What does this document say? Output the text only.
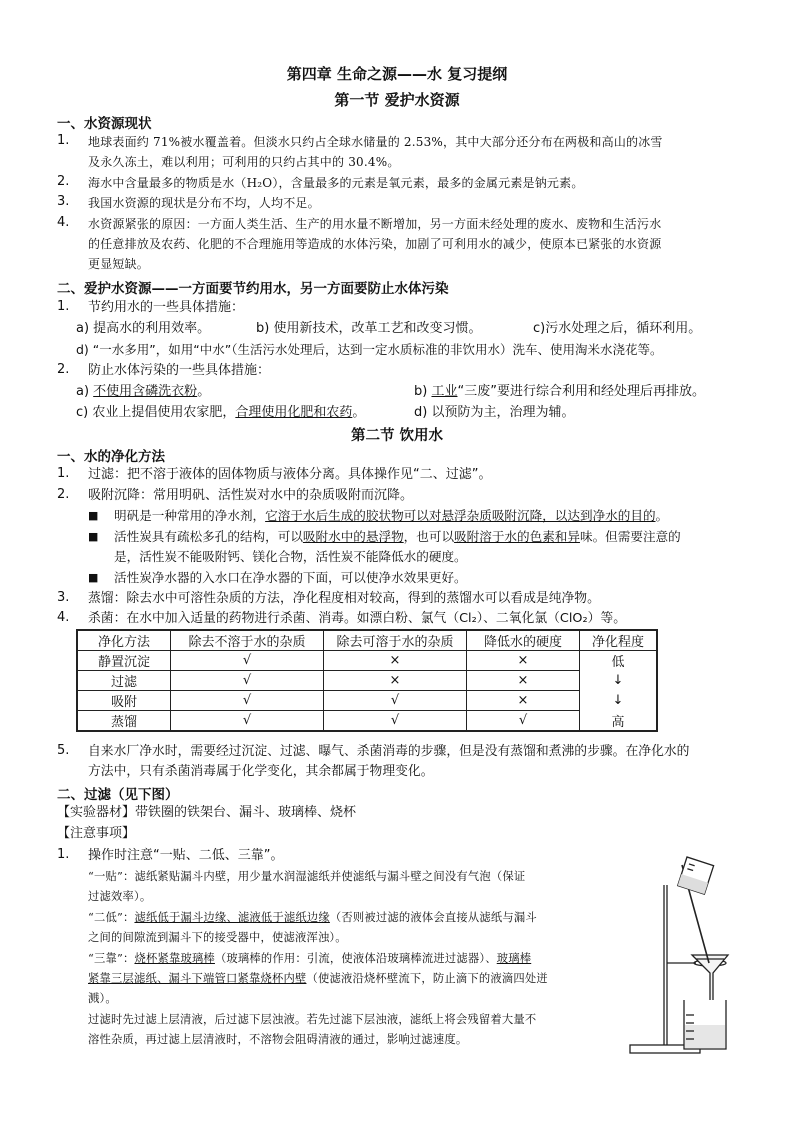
第四章 生命之源——水 复习提纲
第一节 爱护水资源
一、水资源现状
1. 地球表面约 71%被水覆盖着。但淡水只约占全球水储量的 2.53%，其中大部分还分布在两极和高山的冰雪
及永久冻土，难以利用；可利用的只约占其中的 30.4%。
2. 海水中含量最多的物质是水（H₂O），含量最多的元素是氧元素，最多的金属元素是钠元素。
3. 我国水资源的现状是分布不均，人均不足。
4. 水资源紧张的原因：一方面人类生活、生产的用水量不断增加，另一方面未经处理的废水、废物和生活污水
的任意排放及农药、化肥的不合理施用等造成的水体污染，加剧了可利用水的减少，使原本已紧张的水资源
更显短缺。
二、爱护水资源——一方面要节约用水，另一方面要防止水体污染
1. 节约用水的一些具体措施：
a) 提高水的利用效率。	b) 使用新技术，改革工艺和改变习惯。	c)污水处理之后，循环利用。
d) “一水多用”，如用“中水”（生活污水处理后，达到一定水质标准的非饮用水）洗车、使用淘米水浇花等。
2. 防止水体污染的一些具体措施：
a) 不使用含磷洗衣粉。	b) 工业“三废”要进行综合利用和经处理后再排放。
c) 农业上提倡使用农家肥，合理使用化肥和农药。	d) 以预防为主，治理为辅。
第二节 饮用水
一、水的净化方法
1. 过滤：把不溶于液体的固体物质与液体分离。具体操作见“二、过滤”。
2. 吸附沉降：常用明矾、活性炭对水中的杂质吸附而沉降。
■ 明矾是一种常用的净水剂，它溶于水后生成的胶状物可以对悬浮杂质吸附沉降，以达到净水的目的。
■ 活性炭具有疏松多孔的结构，可以吸附水中的悬浮物，也可以吸附溶于水的色素和异味。但需要注意的
是，活性炭不能吸附钙、镁化合物，活性炭不能降低水的硬度。
■ 活性炭净水器的入水口在净水器的下面，可以使净水效果更好。
3. 蒸馏：除去水中可溶性杂质的方法，净化程度相对较高，得到的蒸馏水可以看成是纯净物。
4. 杀菌：在水中加入适量的药物进行杀菌、消毒。如漂白粉、氯气（Cl₂）、二氧化氯（ClO₂）等。
净化方法	除去不溶于水的杂质	除去可溶于水的杂质	降低水的硬度	净化程度
静置沉淀	√	×	×	低
过滤	√	×	×	↓
吸附	√	√	×	↓
蒸馏	√	√	√	高
5. 自来水厂净水时，需要经过沉淀、过滤、曝气、杀菌消毒的步骤，但是没有蒸馏和煮沸的步骤。在净化水的
方法中，只有杀菌消毒属于化学变化，其余都属于物理变化。
二、过滤（见下图）
【实验器材】带铁圈的铁架台、漏斗、玻璃棒、烧杯
【注意事项】
1. 操作时注意“一贴、二低、三靠”。
“一贴”：滤纸紧贴漏斗内壁，用少量水润湿滤纸并使滤纸与漏斗壁之间没有气泡（保证
过滤效率）。
“二低”：滤纸低于漏斗边缘、滤液低于滤纸边缘（否则被过滤的液体会直接从滤纸与漏斗
之间的间隙流到漏斗下的接受器中，使滤液浑浊）。
“三靠”：烧杯紧靠玻璃棒（玻璃棒的作用：引流，使液体沿玻璃棒流进过滤器）、玻璃棒
紧靠三层滤纸、漏斗下端管口紧靠烧杯内壁（使滤液沿烧杯壁流下，防止滴下的液滴四处迸
溅）。
过滤时先过滤上层清液，后过滤下层浊液。若先过滤下层浊液，滤纸上将会残留着大量不
溶性杂质，再过滤上层清液时，不溶物会阻碍清液的通过，影响过滤速度。
